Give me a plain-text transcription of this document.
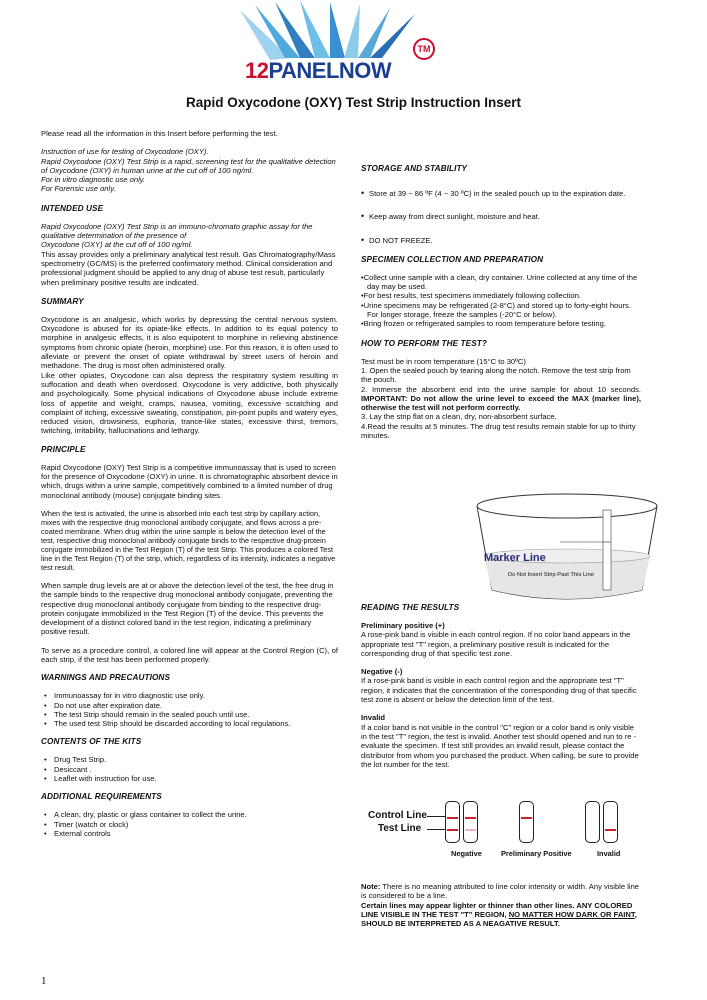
12PANELNOW
TM
Rapid Oxycodone (OXY) Test Strip Instruction Insert

Please read all the information in this Insert before performing the test.

Instruction of use for testing of Oxycodone (OXY).

Rapid Oxycodone (OXY) Test Strip is a rapid, screening test for the qualitative detection of Oxycodone (OXY) in human urine at the cut off of 100 ng/ml.

For in vitro diagnostic use only.

For Forensic use only.

INTENDED USE

Rapid Oxycodone (OXY) Test Strip is an immuno-chromato graphic assay for the qualitative determination of the presence of

Oxycodone (OXY) at the cut off of 100 ng/ml.

This assay provides only a preliminary analytical test result. Gas Chromatography/Mass spectrometry (GC/MS) is the preferred confirmatory method. Clinical consideration and professional judgment should be applied to any drug of abuse test result, particularly when preliminary positive results are indicated.

SUMMARY

Oxycodone is an analgesic, which works by depressing the central nervous system. Oxycodone is abused for its opiate-like effects. In addition to its equal potency to morphine in analgesic effects, it is also equipotent to morphine in relieving abstinence symptoms from chronic opiate (heroin, morphine) use. For this reason, it is often used to alleviate or prevent the onset of opiate withdrawal by street users of heroin and methadone. The drug is most often administered orally.

Like other opiates, Oxycodone can also depress the respiratory system resulting in suffocation and death when overdosed. Oxycodone is very addictive, both physically and psychologically. Some physical indications of Oxycodone abuse include extreme loss of appetite and weight, cramps, nausea, vomiting, excessive scratching and complaint of itching, excessive sweating, constipation, pin-point pupils and watery eyes, reduced vision, drowsiness, euphoria, trance-like states, excessive thirst, tremors, twitching, irritability, hallucinations and lethargy.

PRINCIPLE

Rapid Oxycodone (OXY) Test Strip is a competitive immunoassay that is used to screen for the presence of Oxycodone (OXY) in urine. It is chromatographic absorbent device in which, drugs within a urine sample, competitively combined to a limited number of drug monoclonal antibody (mouse) conjugate binding sites.

When the test is activated, the urine is absorbed into each test strip by capillary action, mixes with the respective drug monoclonal antibody conjugate, and flows across a pre-coated membrane. When drug within the urine sample is below the detection level of the test, respective drug monoclonal antibody conjugate binds to the respective drug-protein conjugate immobilized in the Test Region (T) of the test Strip. This produces a colored Test line in the Test Region (T) of the strip, which, regardless of its intensity, indicates a negative test result.

When sample drug levels are at or above the detection level of the test, the free drug in the sample binds to the respective drug monoclonal antibody conjugate, preventing the respective drug monoclonal antibody conjugate from binding to the respective drug-protein conjugate immobilized in the Test Region (T) of the device. This prevents the development of a distinct colored band in the test region, indicating a preliminary positive result.

To serve as a procedure control, a colored line will appear at the Control Region (C), of each strip, if the test has been performed properly.

WARNINGS AND PRECAUTIONS

• Immunoassay for in vitro diagnostic use only.
• Do not use after expiration date.
• The test Strip should remain in the sealed pouch until use.
• The used test Strip should be discarded according to local regulations.

CONTENTS OF THE KITS

• Drug Test Strip.
• Desiccant .
• Leaflet with instruction for use.

ADDITIONAL REQUIREMENTS

• A clean, dry, plastic or glass container to collect the urine.
• Timer (watch or clock)
• External controls

STORAGE AND STABILITY

• Store at 39 ~ 86 ºF (4 ~ 30 ºC) in the sealed pouch up to the expiration date.
• Keep away from direct sunlight, moisture and heat.
• DO NOT FREEZE.

SPECIMEN COLLECTION AND PREPARATION

•Collect urine sample with a clean, dry container. Urine collected at any time of the day may be used.
•For best results, test specimens immediately following collection.
•Urine specimens may be refrigerated (2-8°C) and stored up to forty-eight hours. For longer storage, freeze the samples (-20°C or below).
•Bring frozen or refrigerated samples to room temperature before testing.

HOW TO PERFORM THE TEST?

Test must be in room temperature (15°C to 30ºC)

1. Open the sealed pouch by tearing along the notch. Remove the test strip from the pouch.

2. Immerse the absorbent end into the urine sample for about 10 seconds. IMPORTANT: Do not allow the urine level to exceed the MAX (marker line), otherwise the test will not perform correctly.

3. Lay the strip flat on a clean, dry, non-absorbent surface.

4.Read the results at 5 minutes. The drug test results remain stable for up to thirty minutes.

Marker Line
Do Not Insert Strip Past This Line

READING THE RESULTS

Preliminary positive (+)

A rose-pink band is visible in each control region. If no color band appears in the appropriate test "T" region, a preliminary positive result is indicated for the corresponding drug of that specific test zone.

Negative (-)

If a rose-pink band is visible in each control region and the appropriate test "T" region, it indicates that the concentration of the corresponding drug of that specific test zone is absent or below the detection limit of the test.

Invalid

If a color band is not visible in the control "C" region or a color band is only visible in the test "T" region, the test is invalid. Another test should opened and run to re -evaluate the specimen. If test still provides an invalid result, please contact the distributor from whom you purchased the product. When calling, be sure to provide the lot number for the test.

Control Line
Test Line
Negative	Preliminary Positive	Invalid

Note: There is no meaning attributed to line color intensity or width. Any visible line is considered to be a line.

Certain lines may appear lighter or thinner than other lines. ANY COLORED LINE VISIBLE IN THE TEST "T" REGION, NO MATTER HOW DARK OR FAINT, SHOULD BE INTERPRETED AS A NEAGATIVE RESULT.

1
